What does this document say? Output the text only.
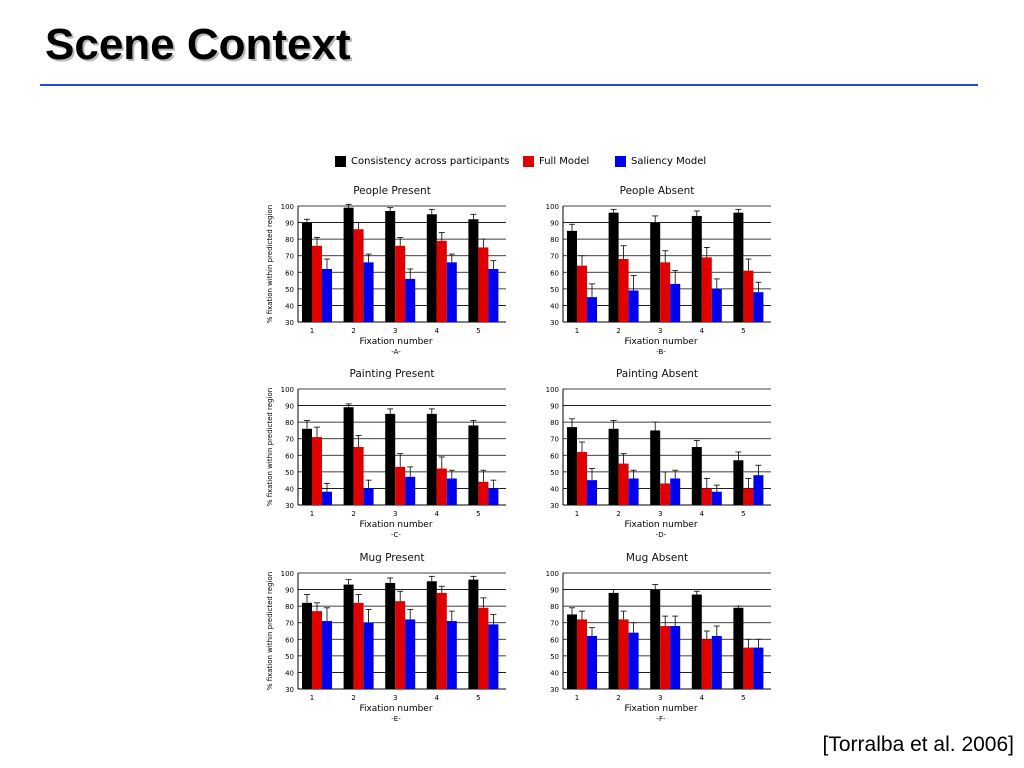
Scene Context
Consistency across participants	Full Model	Saliency Model
People Present
30
40
50
60
70
80
90
100
% fixation within predicted region
1	2	3	4	5
Fixation number
-A-
People Absent
30
40
50
60
70
80
90
100
1	2	3	4	5
Fixation number
-B-
Painting Present
30
40
50
60
70
80
90
100
% fixation within predicted region
1	2	3	4	5
Fixation number
-C-
Painting Absent
30
40
50
60
70
80
90
100
1	2	3	4	5
Fixation number
-D-
Mug Present
30
40
50
60
70
80
90
100
% fixation within predicted region
1	2	3	4	5
Fixation number
-E-
Mug Absent
30
40
50
60
70
80
90
100
1	2	3	4	5
Fixation number
-F-
[Torralba et al. 2006]
